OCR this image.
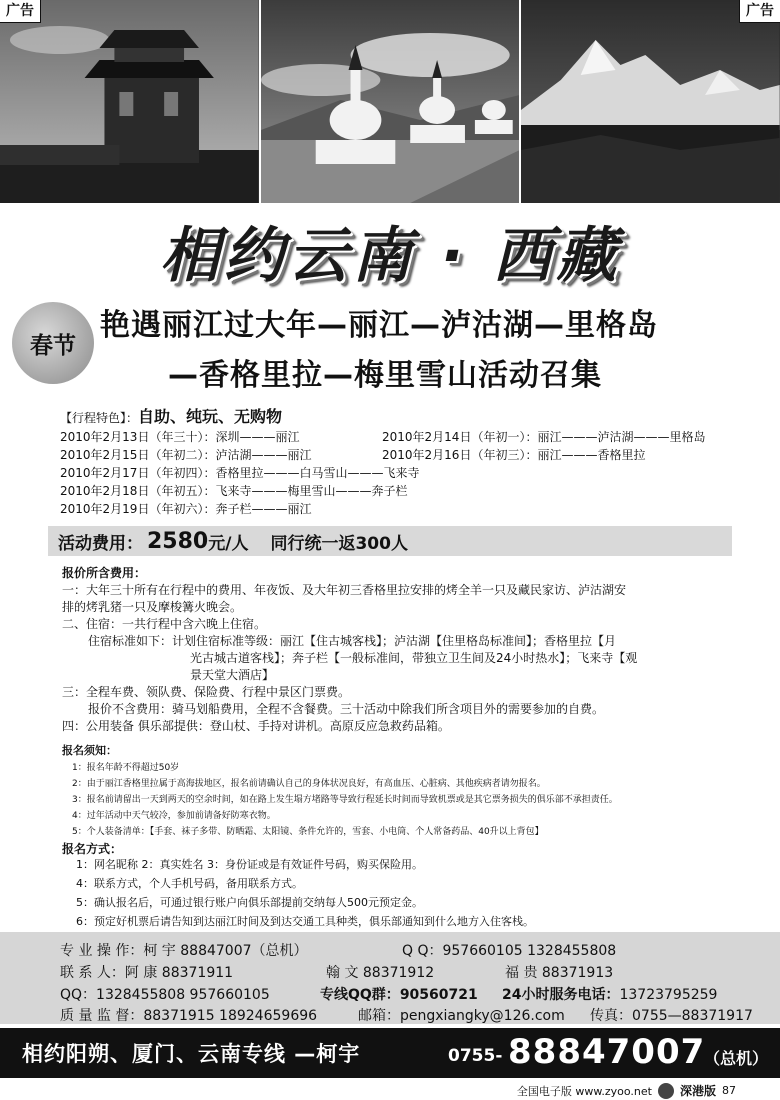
广告	广告
相约云南 · 西藏
春节
艳遇丽江过大年—丽江—泸沽湖—里格岛
—香格里拉—梅里雪山活动召集
【行程特色】：自助、纯玩、无购物
2010年2月13日（年三十）：深圳———丽江	2010年2月14日（年初一）：丽江———泸沽湖———里格岛
2010年2月15日（年初二）：泸沽湖———丽江	2010年2月16日（年初三）：丽江———香格里拉
2010年2月17日（年初四）：香格里拉———白马雪山———飞来寺
2010年2月18日（年初五）：飞来寺———梅里雪山———奔子栏
2010年2月19日（年初六）：奔子栏———丽江
活动费用： 2580 元/人 同行统一返300人
报价所含费用：
一：大年三十所有在行程中的费用、年夜饭、及大年初三香格里拉安排的烤全羊一只及藏民家访、泸沽湖安
排的烤乳猪一只及摩梭篝火晚会。
二、住宿：一共行程中含六晚上住宿。
住宿标准如下：计划住宿标准等级：丽江【住古城客栈】；泸沽湖【住里格岛标准间】；香格里拉【月
光古城古道客栈】；奔子栏【一般标准间，带独立卫生间及24小时热水】；飞来寺【观
景天堂大酒店】
三：全程车费、领队费、保险费、行程中景区门票费。
报价不含费用：骑马划船费用，全程不含餐费。三十活动中除我们所含项目外的需要参加的自费。
四：公用装备 俱乐部提供：登山杖、手持对讲机。高原反应急救药品箱。
报名须知：
1：报名年龄不得超过50岁
2：由于丽江香格里拉属于高海拔地区，报名前请确认自己的身体状况良好，有高血压、心脏病、其他疾病者请勿报名。
3：报名前请留出一天到两天的空余时间，如在路上发生塌方堵路等导致行程延长时间而导致机票或是其它票务损失的俱乐部不承担责任。
4：过年活动中天气较冷，参加前请备好防寒衣物。
5：个人装备清单：【手套、袜子多带、防晒霜、太阳镜、条件允许的，雪套、小电筒、个人常备药品、40升以上背包】
报名方式：
1：网名昵称 2：真实姓名 3：身份证或是有效证件号码，购买保险用。
4：联系方式，个人手机号码，备用联系方式。
5：确认报名后，可通过银行账户向俱乐部提前交纳每人500元预定金。
6：预定好机票后请告知到达丽江时间及到达交通工具种类，俱乐部通知到什么地方入住客栈。
专 业 操 作：柯 宇 88847007（总机）	Q Q：957660105 1328455808
联 系 人：阿 康 88371911	翰 文 88371912	福 贵 88371913
QQ：1328455808 957660105	专线QQ群：90560721 24小时服务电话：13723795259
质 量 监 督：88371915 18924659696	邮箱：pengxiangky@126.com 传真：0755—88371917
相约阳朔、厦门、云南专线 —柯宇	0755- 88847007
（总机）
全国电子版 www.zyoo.net 深港版 87
